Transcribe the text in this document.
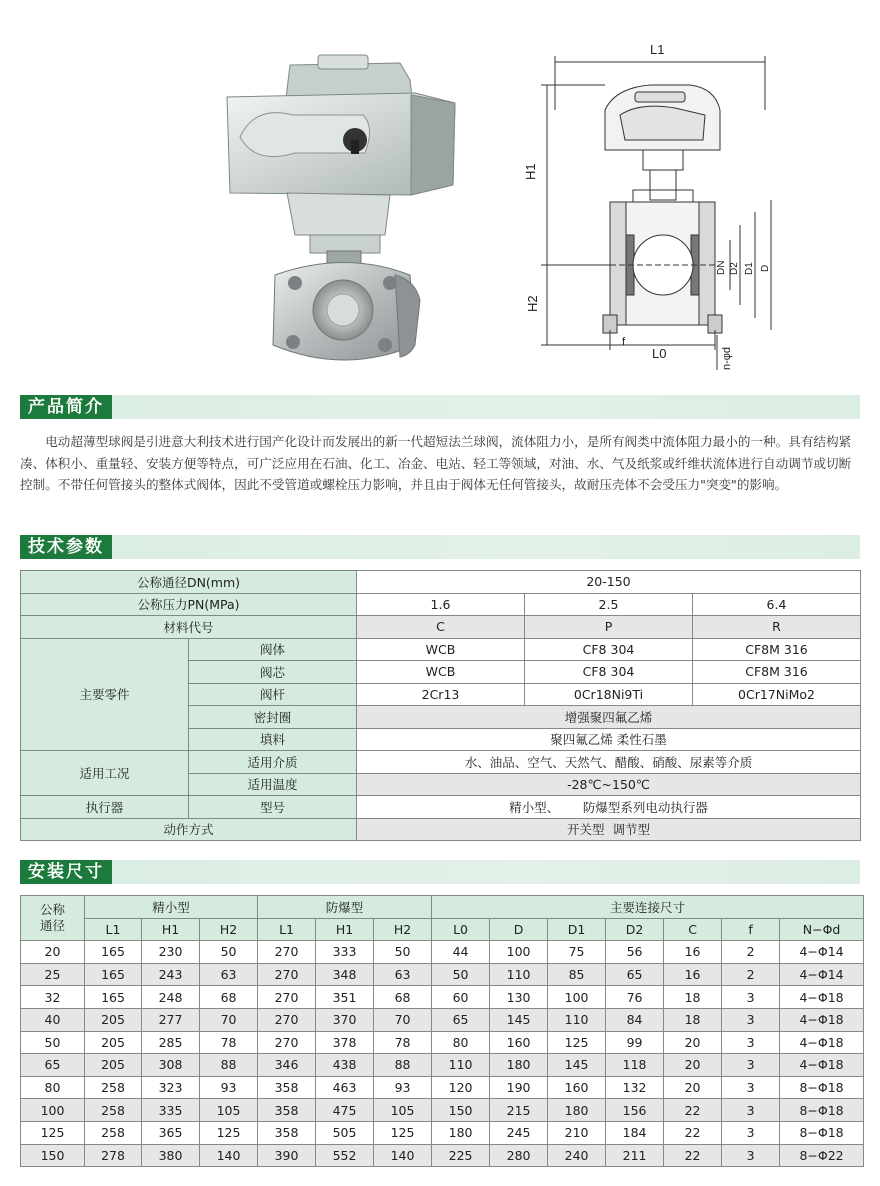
L1
H1
H2
L0
DN D2 D1 D
f
n-φd
产品简介

电动超薄型球阀是引进意大利技术进行国产化设计而发展出的新一代超短法兰球阀，流体阻力小，是所有阀类中流体阻力最小的一种。具有结构紧凑、体积小、重量轻、安装方便等特点，可广泛应用在石油、化工、冶金、电站、轻工等领域，对油、水、气及纸浆或纤维状流体进行自动调节或切断控制。不带任何管接头的整体式阀体，因此不受管道或螺栓压力影响，并且由于阀体无任何管接头，故耐压壳体不会受压力"突变"的影响。

技术参数
公称通径DN(mm)		20-150		
公称压力PN(MPa)		1.6	2.5	6.4
材料代号		C	P	R
主要零件	阀体	WCB	CF8 304	CF8M 316
	阀芯	WCB	CF8 304	CF8M 316
	阀杆	2Cr13	0Cr18Ni9Ti	0Cr17NiMo2
	密封圈	增强聚四氟乙烯		
	填料	聚四氟乙烯 柔性石墨		
适用工况	适用介质	水、油品、空气、天然气、醋酸、硝酸、尿素等介质		
	适用温度	-28℃~150℃		
执行器	型号	精小型、      防爆型系列电动执行器		
动作方式		开关型  调节型		
安装尺寸
公称
通径	精小型			防爆型			主要连接尺寸						
	L1	H1	H2	L1	H1	H2	L0	D	D1	D2	C	f	N−Φd
20	165	230	50	270	333	50	44	100	75	56	16	2	4−Φ14
25	165	243	63	270	348	63	50	110	85	65	16	2	4−Φ14
32	165	248	68	270	351	68	60	130	100	76	18	3	4−Φ18
40	205	277	70	270	370	70	65	145	110	84	18	3	4−Φ18
50	205	285	78	270	378	78	80	160	125	99	20	3	4−Φ18
65	205	308	88	346	438	88	110	180	145	118	20	3	4−Φ18
80	258	323	93	358	463	93	120	190	160	132	20	3	8−Φ18
100	258	335	105	358	475	105	150	215	180	156	22	3	8−Φ18
125	258	365	125	358	505	125	180	245	210	184	22	3	8−Φ18
150	278	380	140	390	552	140	225	280	240	211	22	3	8−Φ22
